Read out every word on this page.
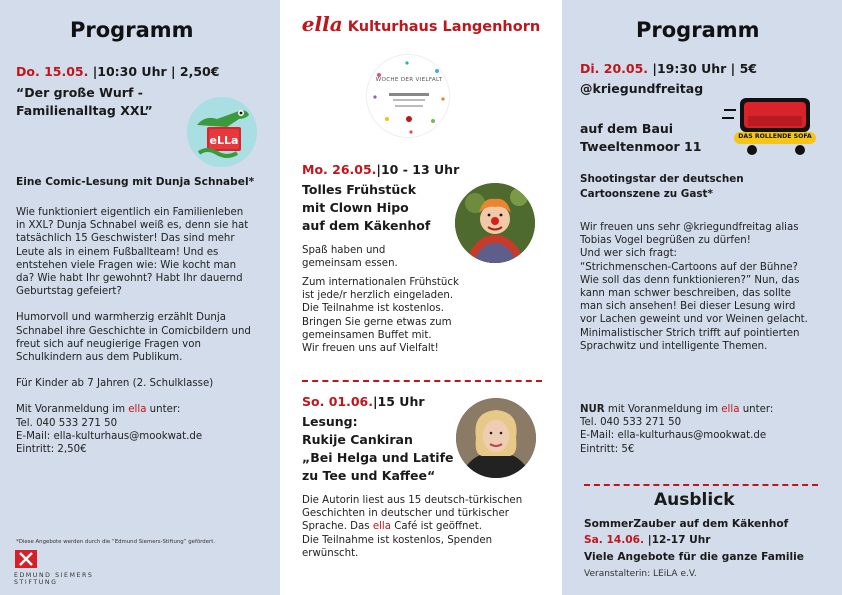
Programm
Do. 15.05. |10:30 Uhr | 2,50€
“Der große Wurf -
Familienalltag XXL”
eLLa
Eine Comic-Lesung mit Dunja Schnabel*
Wie funktioniert eigentlich ein Familienleben
in XXL? Dunja Schnabel weiß es, denn sie hat
tatsächlich 15 Geschwister! Das sind mehr
Leute als in einem Fußballteam! Und es
entstehen viele Fragen wie: Wie kocht man
da? Wie habt Ihr gewohnt? Habt Ihr dauernd
Geburtstag gefeiert?
Humorvoll und warmherzig erzählt Dunja
Schnabel ihre Geschichte in Comicbildern und
freut sich auf neugierige Fragen von
Schulkindern aus dem Publikum.

Für Kinder ab 7 Jahren (2. Schulklasse)

Mit Voranmeldung im ella unter:

Tel. 040 533 271 50

E-Mail: ella-kulturhaus@mookwat.de

Eintritt: 2,50€

*Diese Angebote werden durch die “Edmund Siemers-Stiftung” gefördert.
EDMUND SIEMERS STIFTUNG
ella Kulturhaus Langenhorn
WOCHE DER VIELFALT
Mo. 26.05.|10 - 13 Uhr
Tolles Frühstück
mit Clown Hipo
auf dem Käkenhof

Spaß haben und

gemeinsam essen.

Zum internationalen Frühstück
ist jede/r herzlich eingeladen.
Die Teilnahme ist kostenlos.
Bringen Sie gerne etwas zum
gemeinsamen Buffet mit.
Wir freuen uns auf Vielfalt!
So. 01.06.|15 Uhr
Lesung:
Rukije Cankiran
„Bei Helga und Latife
zu Tee und Kaffee“
Die Autorin liest aus 15 deutsch-türkischen
Geschichten in deutscher und türkischer
Sprache. Das ella Café ist geöffnet.
Die Teilnahme ist kostenlos, Spenden
erwünscht.
Programm
Di. 20.05. |19:30 Uhr | 5€
@kriegundfreitag
DAS ROLLENDE SOFA
auf dem Baui
Tweeltenmoor 11
Shootingstar der deutschen
Cartoonszene zu Gast*
Wir freuen uns sehr @kriegundfreitag alias
Tobias Vogel begrüßen zu dürfen!
Und wer sich fragt:
“Strichmenschen-Cartoons auf der Bühne?
Wie soll das denn funktionieren?” Nun, das
kann man schwer beschreiben, das sollte
man sich ansehen! Bei dieser Lesung wird
vor Lachen geweint und vor Weinen gelacht.
Minimalistischer Strich trifft auf pointierten
Sprachwitz und intelligente Themen.

NUR mit Voranmeldung im ella unter:

Tel. 040 533 271 50

E-Mail: ella-kulturhaus@mookwat.de

Eintritt: 5€

Ausblick
SommerZauber auf dem Käkenhof
Sa. 14.06. |12-17 Uhr
Viele Angebote für die ganze Familie
Veranstalterin: LEiLA e.V.
